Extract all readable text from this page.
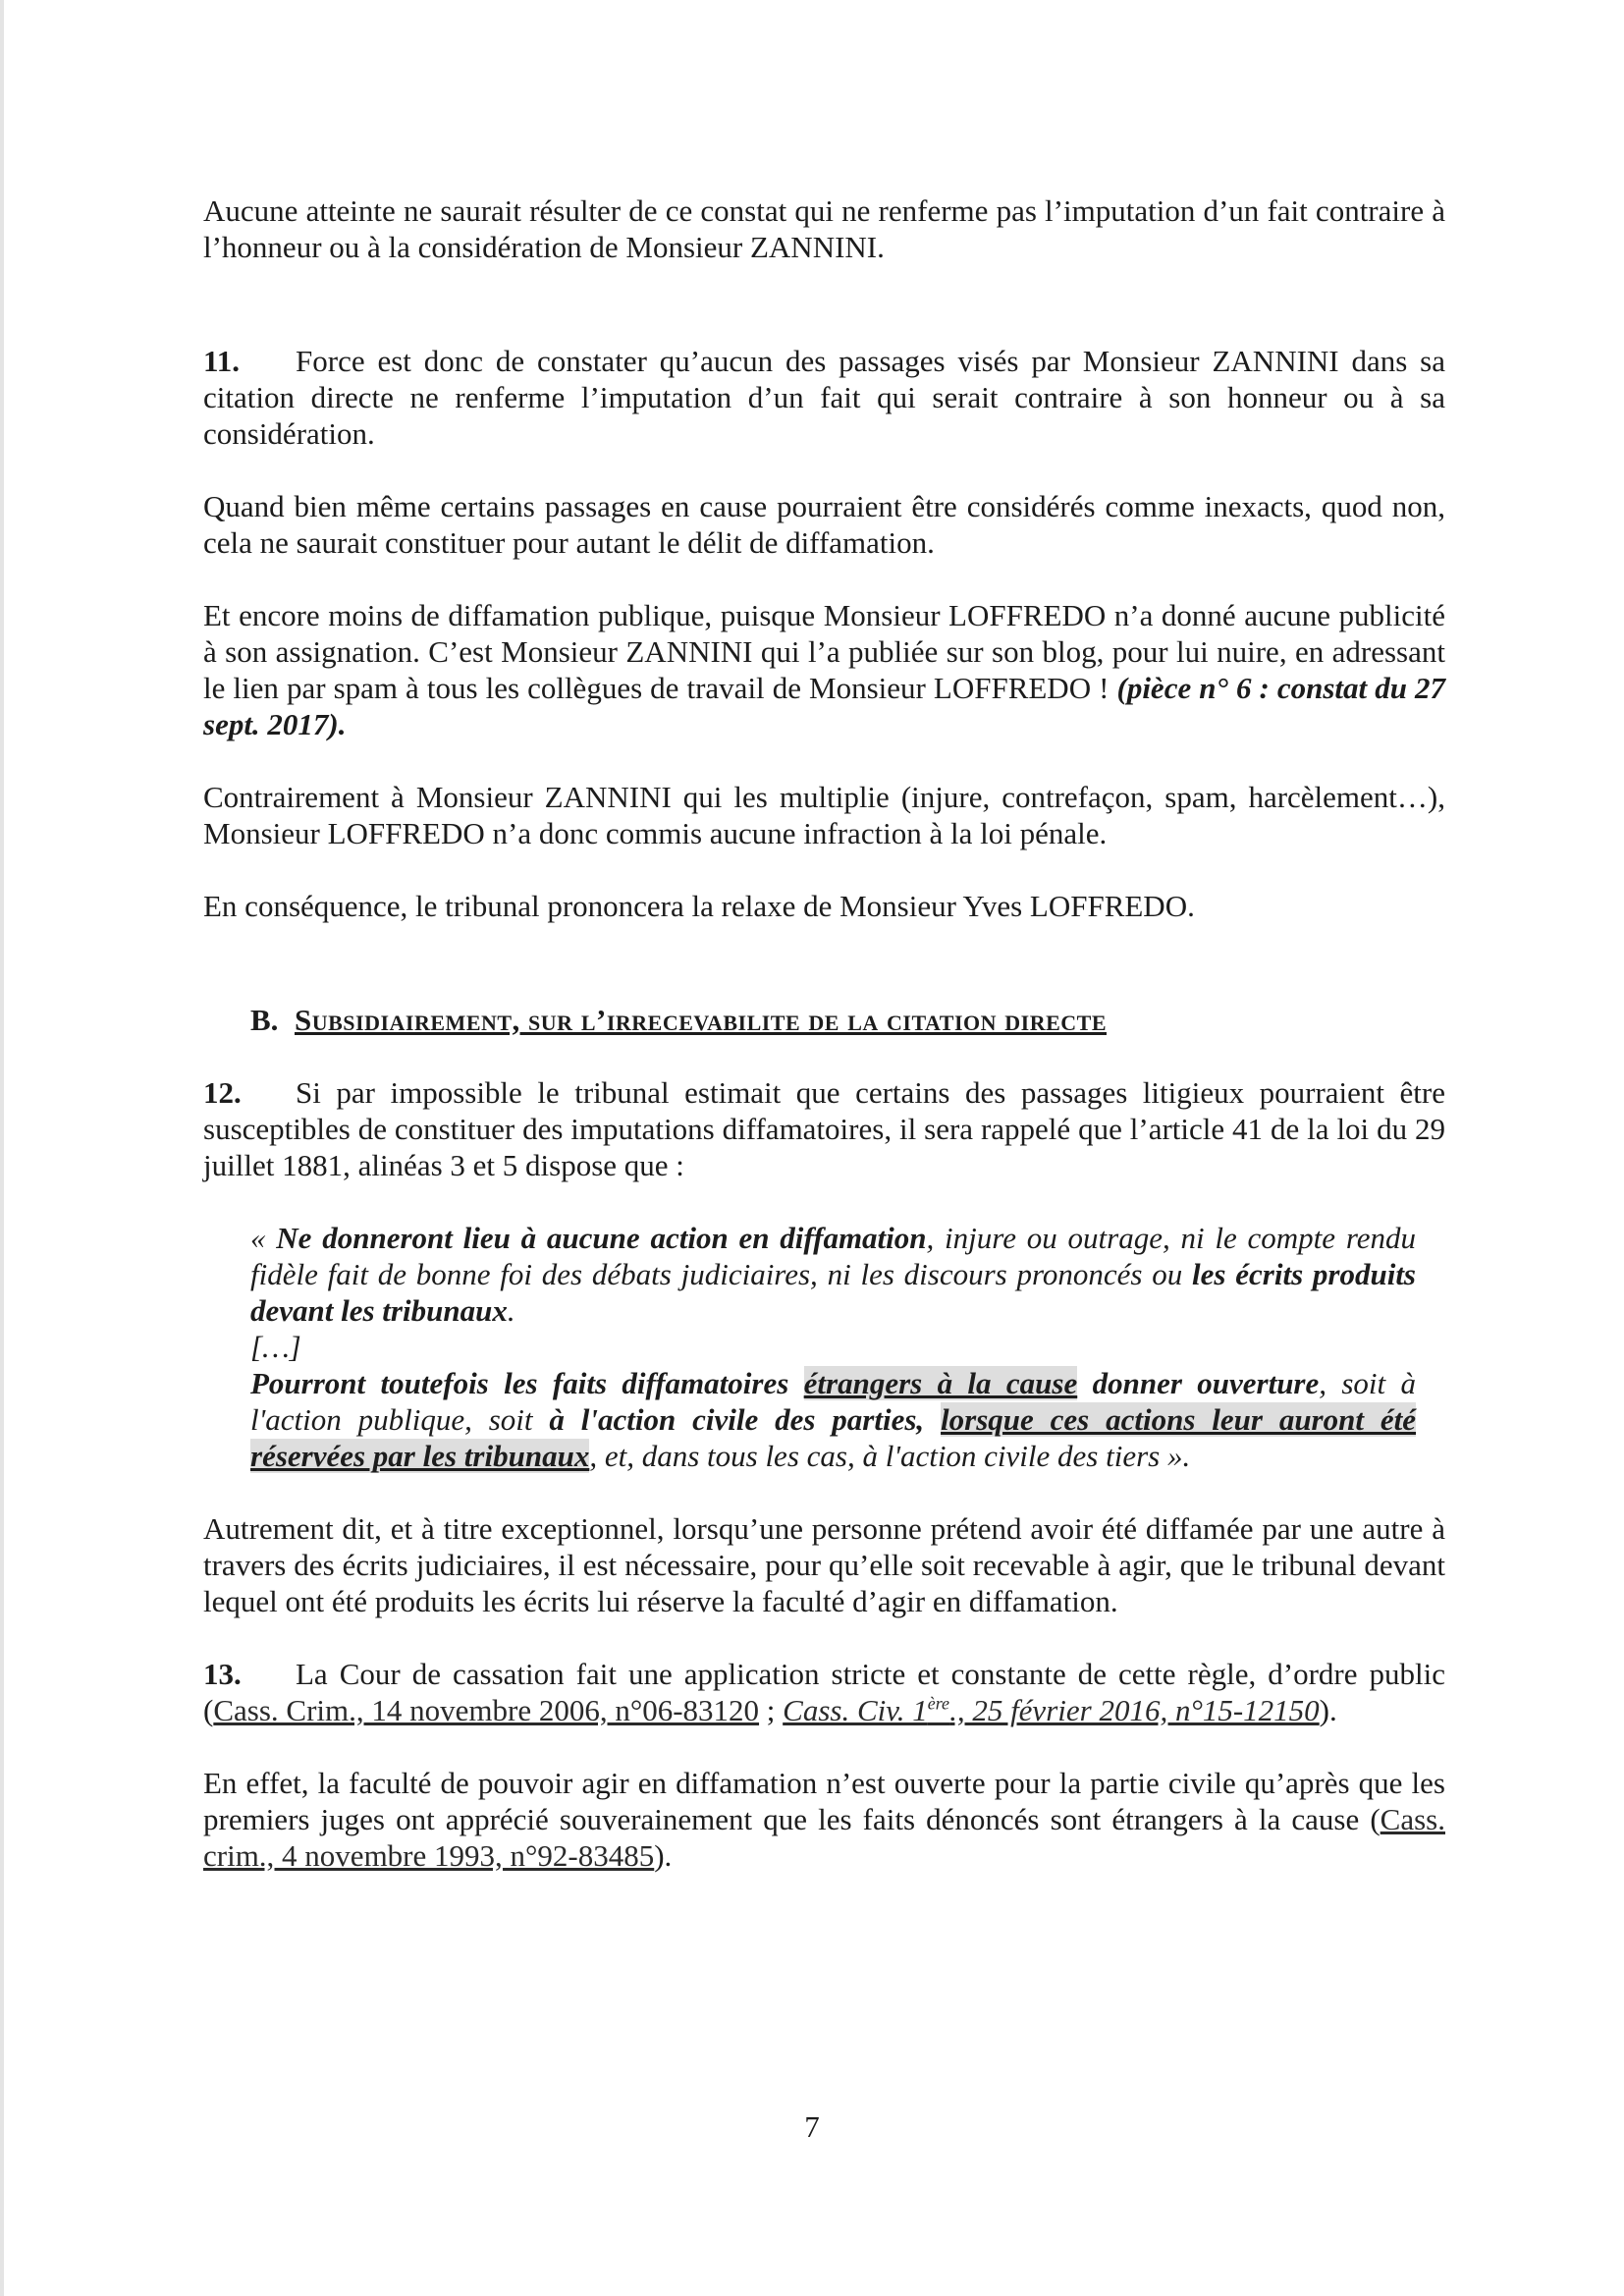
Aucune atteinte ne saurait résulter de ce constat qui ne renferme pas l’imputation d’un fait contraire à l’honneur ou à la considération de Monsieur ZANNINI.

11. Force est donc de constater qu’aucun des passages visés par Monsieur ZANNINI dans sa citation directe ne renferme l’imputation d’un fait qui serait contraire à son honneur ou à sa considération.

Quand bien même certains passages en cause pourraient être considérés comme inexacts, quod non, cela ne saurait constituer pour autant le délit de diffamation.

Et encore moins de diffamation publique, puisque Monsieur LOFFREDO n’a donné aucune publicité à son assignation. C’est Monsieur ZANNINI qui l’a publiée sur son blog, pour lui nuire, en adressant le lien par spam à tous les collègues de travail de Monsieur LOFFREDO ! (pièce n° 6 : constat du 27 sept. 2017).

Contrairement à Monsieur ZANNINI qui les multiplie (injure, contrefaçon, spam, harcèlement…), Monsieur LOFFREDO n’a donc commis aucune infraction à la loi pénale.

En conséquence, le tribunal prononcera la relaxe de Monsieur Yves LOFFREDO.

B. Subsidiairement, sur l’irrecevabilite de la citation directe

12. Si par impossible le tribunal estimait que certains des passages litigieux pourraient être susceptibles de constituer des imputations diffamatoires, il sera rappelé que l’article 41 de la loi du 29 juillet 1881, alinéas 3 et 5 dispose que :

« Ne donneront lieu à aucune action en diffamation, injure ou outrage, ni le compte rendu fidèle fait de bonne foi des débats judiciaires, ni les discours prononcés ou les écrits produits devant les tribunaux.
[…]
Pourront toutefois les faits diffamatoires étrangers à la cause donner ouverture, soit à l'action publique, soit à l'action civile des parties, lorsque ces actions leur auront été réservées par les tribunaux, et, dans tous les cas, à l'action civile des tiers ».

Autrement dit, et à titre exceptionnel, lorsqu’une personne prétend avoir été diffamée par une autre à travers des écrits judiciaires, il est nécessaire, pour qu’elle soit recevable à agir, que le tribunal devant lequel ont été produits les écrits lui réserve la faculté d’agir en diffamation.

13. La Cour de cassation fait une application stricte et constante de cette règle, d’ordre public (Cass. Crim., 14 novembre 2006, n°06-83120 ; Cass. Civ. 1ère., 25 février 2016, n°15-12150).

En effet, la faculté de pouvoir agir en diffamation n’est ouverte pour la partie civile qu’après que les premiers juges ont apprécié souverainement que les faits dénoncés sont étrangers à la cause (Cass. crim., 4 novembre 1993, n°92-83485).

7
